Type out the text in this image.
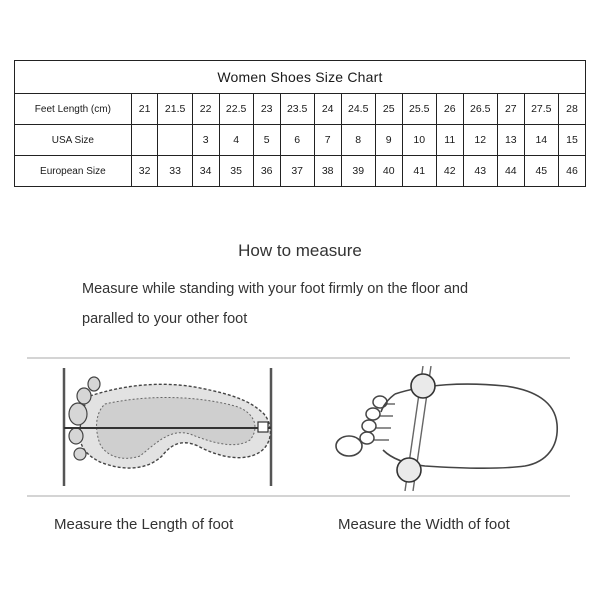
Women Shoes Size Chart															
Feet Length (cm)	21	21.5	22	22.5	23	23.5	24	24.5	25	25.5	26	26.5	27	27.5	28
USA Size			3	4	5	6	7	8	9	10	11	12	13	14	15
European Size	32	33	34	35	36	37	38	39	40	41	42	43	44	45	46
How to measure
Measure while standing with your foot firmly on the floor and
paralled to your other foot
Measure the Length of foot	Measure the Width of foot
